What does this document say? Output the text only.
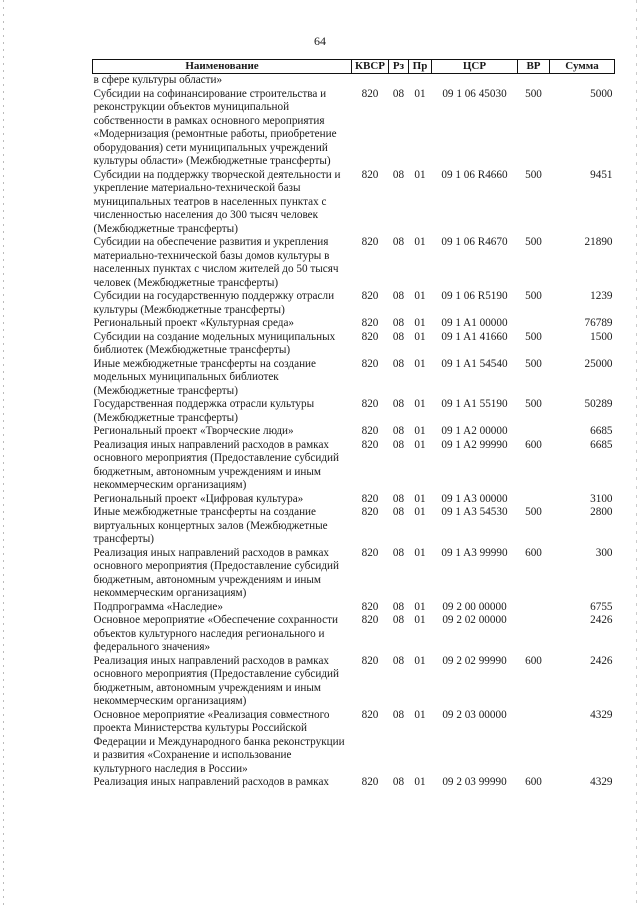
64
Наименование	КВСР	Рз	Пр	ЦСР	ВР	Сумма
в сфере культуры области»						
Субсидии на софинансирование строительства и реконструкции объектов муниципальной собственности в рамках основного мероприятия «Модернизация (ремонтные работы, приобретение оборудования) сети муниципальных учреждений культуры области» (Межбюджетные трансферты)	820	08	01	09 1 06 45030	500	5000
Субсидии на поддержку творческой деятельности и укрепление материально-технической базы муниципальных театров в населенных пунктах с численностью населения до 300 тысяч человек (Межбюджетные трансферты)	820	08	01	09 1 06 R4660	500	9451
Субсидии на обеспечение развития и укрепления материально-технической базы домов культуры в населенных пунктах с числом жителей до 50 тысяч человек (Межбюджетные трансферты)	820	08	01	09 1 06 R4670	500	21890
Субсидии на государственную поддержку отрасли культуры (Межбюджетные трансферты)	820	08	01	09 1 06 R5190	500	1239
Региональный проект «Культурная среда»	820	08	01	09 1 A1 00000		76789
Субсидии на создание модельных муниципальных библиотек (Межбюджетные трансферты)	820	08	01	09 1 A1 41660	500	1500
Иные межбюджетные трансферты на создание модельных муниципальных библиотек (Межбюджетные трансферты)	820	08	01	09 1 A1 54540	500	25000
Государственная поддержка отрасли культуры (Межбюджетные трансферты)	820	08	01	09 1 A1 55190	500	50289
Региональный проект «Творческие люди»	820	08	01	09 1 A2 00000		6685
Реализация иных направлений расходов в рамках основного мероприятия (Предоставление субсидий бюджетным, автономным учреждениям и иным некоммерческим организациям)	820	08	01	09 1 A2 99990	600	6685
Региональный проект «Цифровая культура»	820	08	01	09 1 A3 00000		3100
Иные межбюджетные трансферты на создание виртуальных концертных залов (Межбюджетные трансферты)	820	08	01	09 1 A3 54530	500	2800
Реализация иных направлений расходов в рамках основного мероприятия (Предоставление субсидий бюджетным, автономным учреждениям и иным некоммерческим организациям)	820	08	01	09 1 A3 99990	600	300
Подпрограмма «Наследие»	820	08	01	09 2 00 00000		6755
Основное мероприятие «Обеспечение сохранности объектов культурного наследия регионального и федерального значения»	820	08	01	09 2 02 00000		2426
Реализация иных направлений расходов в рамках основного мероприятия (Предоставление субсидий бюджетным, автономным учреждениям и иным некоммерческим организациям)	820	08	01	09 2 02 99990	600	2426
Основное мероприятие «Реализация совместного проекта Министерства культуры Российской Федерации и Международного банка реконструкции и развития «Сохранение и использование культурного наследия в России»	820	08	01	09 2 03 00000		4329
Реализация иных направлений расходов в рамках	820	08	01	09 2 03 99990	600	4329
